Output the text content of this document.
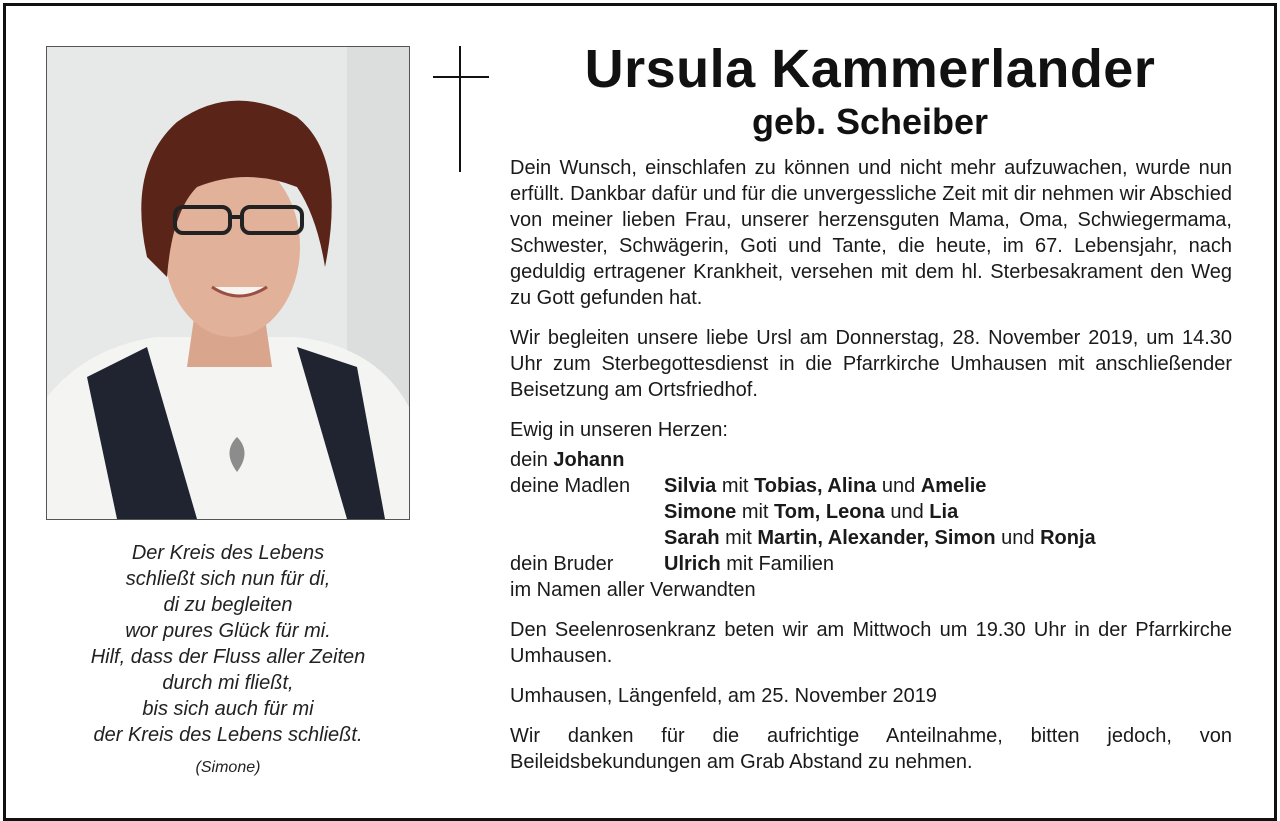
Der Kreis des Lebens
schließt sich nun für di,
di zu begleiten
wor pures Glück für mi.
Hilf, dass der Fluss aller Zeiten
durch mi fließt,
bis sich auch für mi
der Kreis des Lebens schließt.
(Simone)
Ursula Kammerlander
geb. Scheiber

Dein Wunsch, einschlafen zu können und nicht mehr aufzuwachen, wurde nun erfüllt. Dankbar dafür und für die unvergessliche Zeit mit dir nehmen wir Abschied von meiner lieben Frau, unserer herzensguten Mama, Oma, Schwiegermama, Schwester, Schwägerin, Goti und Tante, die heute, im 67. Lebensjahr, nach geduldig ertragener Krankheit, versehen mit dem hl. Sterbesakrament den Weg zu Gott gefunden hat.

Wir begleiten unsere liebe Ursl am Donnerstag, 28. November 2019, um 14.30 Uhr zum Sterbegottesdienst in die Pfarrkirche Umhausen mit anschließender Beisetzung am Ortsfriedhof.

Ewig in unseren Herzen:

dein
Johann
deine Madlen	Silvia mit Tobias, Alina und Amelie
Simone mit Tom, Leona und Lia
Sarah mit Martin, Alexander, Simon und Ronja
dein Bruder	Ulrich mit Familien
im Namen aller Verwandten

Den Seelenrosenkranz beten wir am Mittwoch um 19.30 Uhr in der Pfarrkirche Umhausen.

Umhausen, Längenfeld, am 25. November 2019

Wir danken für die aufrichtige Anteilnahme, bitten jedoch, von Beileidsbekundungen am Grab Abstand zu nehmen.
